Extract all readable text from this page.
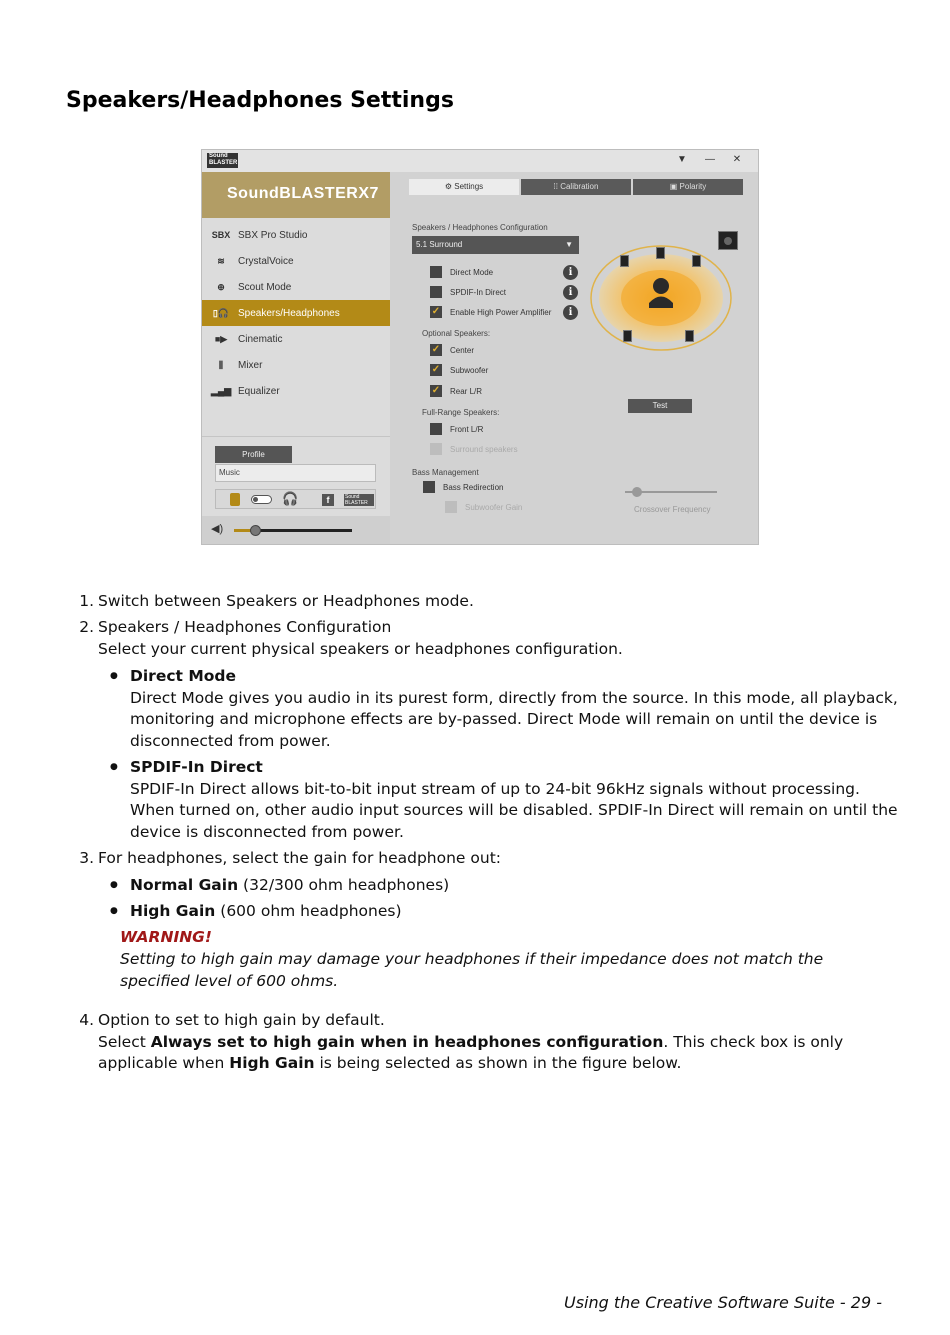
Speakers/Headphones Settings
Sound
BLASTER	▼ — ✕
SoundBLASTERX7
SBX SBX Pro Studio
≋	CrystalVoice
⊕	Scout Mode
▯🎧 Speakers/Headphones
■▶	Cinematic
⫼	Mixer
▂▄▆ Equalizer
Profile
Music
🎧	f	Sound BLASTER
◀)
⚙ Settings	⁞⁞ Calibration	▣ Polarity
Speakers / Headphones Configuration
5.1 Surround	▼
Direct Mode	i
SPDIF-In Direct	i
✓ Enable High Power Amplifier	i
✓ Center
✓ Subwoofer
✓ Rear L/R
Front L/R
Surround speakers
Optional Speakers:
Full-Range Speakers:
Bass Management
Bass Redirection
Subwoofer Gain
Test
Crossover Frequency
1. Switch between Speakers or Headphones mode.
2. Speakers / Headphones Configuration
Select your current physical speakers or headphones configuration.
● Direct Mode
Direct Mode gives you audio in its purest form, directly from the source. In this mode, all playback, monitoring and microphone effects are by-passed. Direct Mode will remain on until the device is disconnected from power.
● SPDIF-In Direct
SPDIF-In Direct allows bit-to-bit input stream of up to 24-bit 96kHz signals without processing. When turned on, other audio input sources will be disabled. SPDIF-In Direct will remain on until the device is disconnected from power.
3. For headphones, select the gain for headphone out:
● Normal Gain (32/300 ohm headphones)
● High Gain (600 ohm headphones)
WARNING!
Setting to high gain may damage your headphones if their impedance does not match the specified level of 600 ohms.
4. Option to set to high gain by default.
Select Always set to high gain when in headphones configuration. This check box is only applicable when High Gain is being selected as shown in the figure below.
Using the Creative Software Suite - 29 -
